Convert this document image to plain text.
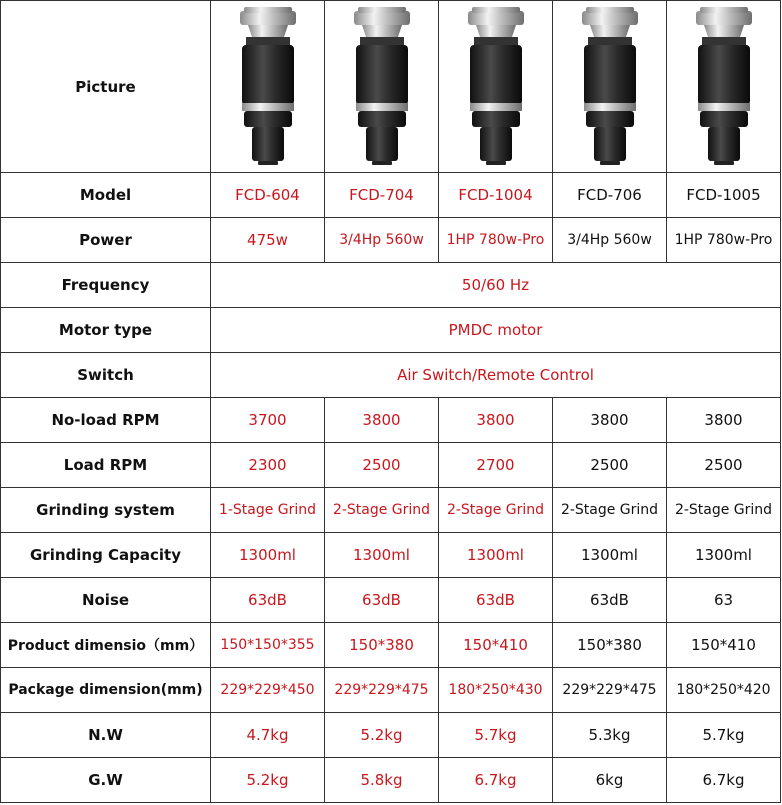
Picture	

Model	FCD-604	FCD-704	FCD-1004	FCD-706	FCD-1005
Power	475w	3/4Hp 560w	1HP 780w-Pro	3/4Hp 560w	1HP 780w-Pro
Frequency	50/60 Hz				
Motor type	PMDC motor				
Switch	Air Switch/Remote Control				
No-load RPM	3700	3800	3800	3800	3800
Load RPM	2300	2500	2700	2500	2500
Grinding system	1-Stage Grind	2-Stage Grind	2-Stage Grind	2-Stage Grind	2-Stage Grind
Grinding Capacity	1300ml	1300ml	1300ml	1300ml	1300ml
Noise	63dB	63dB	63dB	63dB	63
Product dimensio（mm）	150*150*355	150*380	150*410	150*380	150*410
Package dimension(mm)	229*229*450	229*229*475	180*250*430	229*229*475	180*250*420
N.W	4.7kg	5.2kg	5.7kg	5.3kg	5.7kg
G.W	5.2kg	5.8kg	6.7kg	6kg	6.7kg
